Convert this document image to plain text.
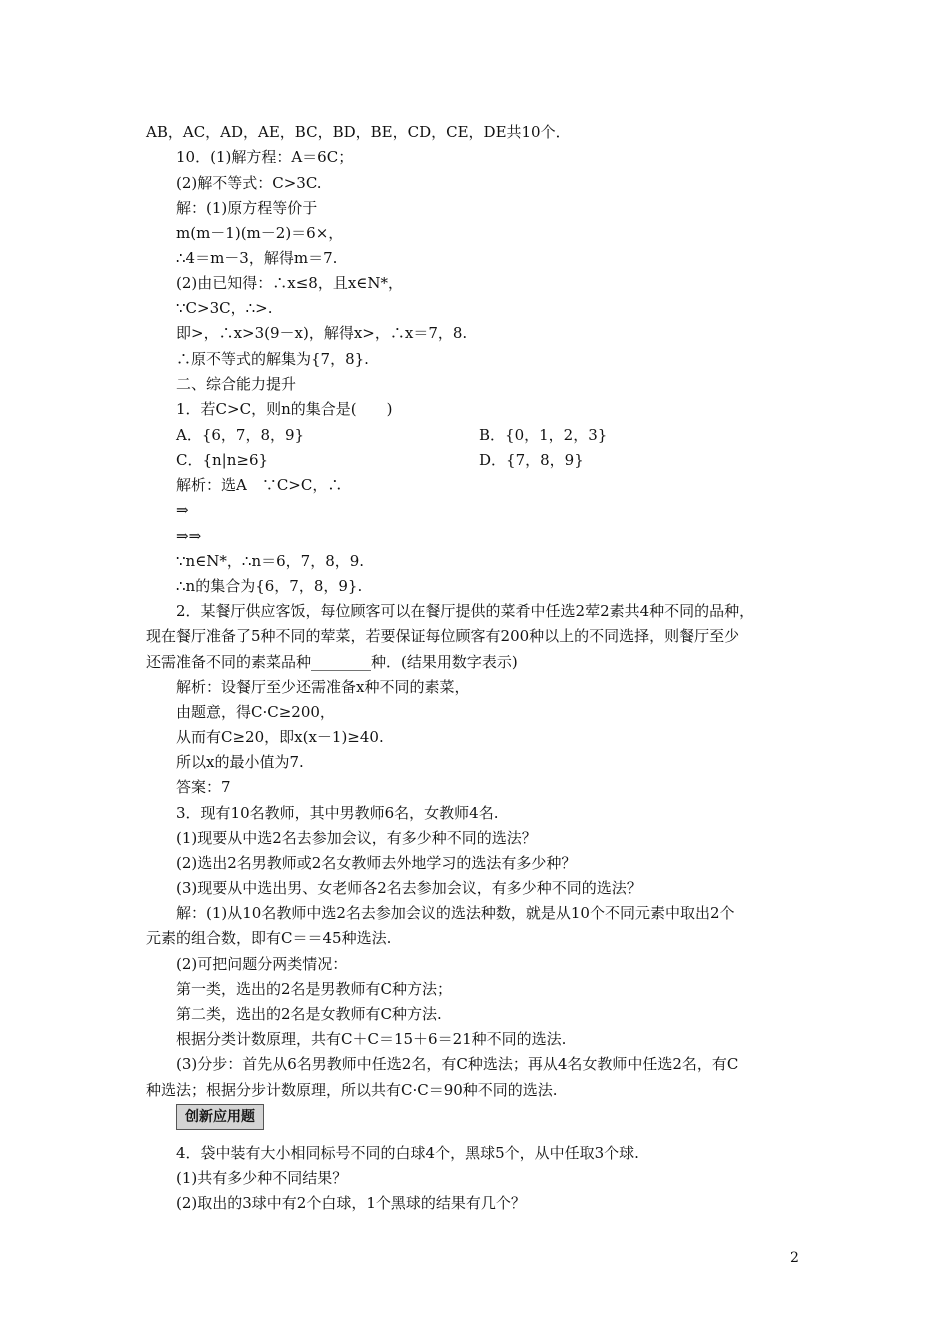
AB，AC，AD，AE，BC，BD，BE，CD，CE，DE共10个．
10．(1)解方程：A＝6C；
(2)解不等式：C>3C.
解：(1)原方程等价于
m(m－1)(m－2)＝6×，
∴4＝m－3，解得m＝7.
(2)由已知得：∴x≤8，且x∈N*，
∵C>3C，∴>.
即>，∴x>3(9－x)，解得x>，∴x＝7，8.
∴原不等式的解集为{7，8}.
二、综合能力提升
1．若C>C，则n的集合是(　　)
A．{6，7，8，9}	B．{0，1，2，3}
C．{n|n≥6}	D．{7，8，9}
解析：选A　∵C>C，∴
⇒
⇒⇒
∵n∈N*，∴n＝6，7，8，9.
∴n的集合为{6，7，8，9}.
2．某餐厅供应客饭，每位顾客可以在餐厅提供的菜肴中任选2荤2素共4种不同的品种，
现在餐厅准备了5种不同的荤菜，若要保证每位顾客有200种以上的不同选择，则餐厅至少
还需准备不同的素菜品种________种．(结果用数字表示)
解析：设餐厅至少还需准备x种不同的素菜，
由题意，得C·C≥200，
从而有C≥20，即x(x－1)≥40.
所以x的最小值为7.
答案：7
3．现有10名教师，其中男教师6名，女教师4名.
(1)现要从中选2名去参加会议，有多少种不同的选法？
(2)选出2名男教师或2名女教师去外地学习的选法有多少种？
(3)现要从中选出男、女老师各2名去参加会议，有多少种不同的选法？
解：(1)从10名教师中选2名去参加会议的选法种数，就是从10个不同元素中取出2个
元素的组合数，即有C＝＝45种选法.
(2)可把问题分两类情况：
第一类，选出的2名是男教师有C种方法；
第二类，选出的2名是女教师有C种方法.
根据分类计数原理，共有C＋C＝15＋6＝21种不同的选法.
(3)分步：首先从6名男教师中任选2名，有C种选法；再从4名女教师中任选2名，有C
种选法；根据分步计数原理，所以共有C·C＝90种不同的选法.
4．袋中装有大小相同标号不同的白球4个，黑球5个，从中任取3个球.
(1)共有多少种不同结果？
(2)取出的3球中有2个白球，1个黑球的结果有几个？
创新应用题
2
